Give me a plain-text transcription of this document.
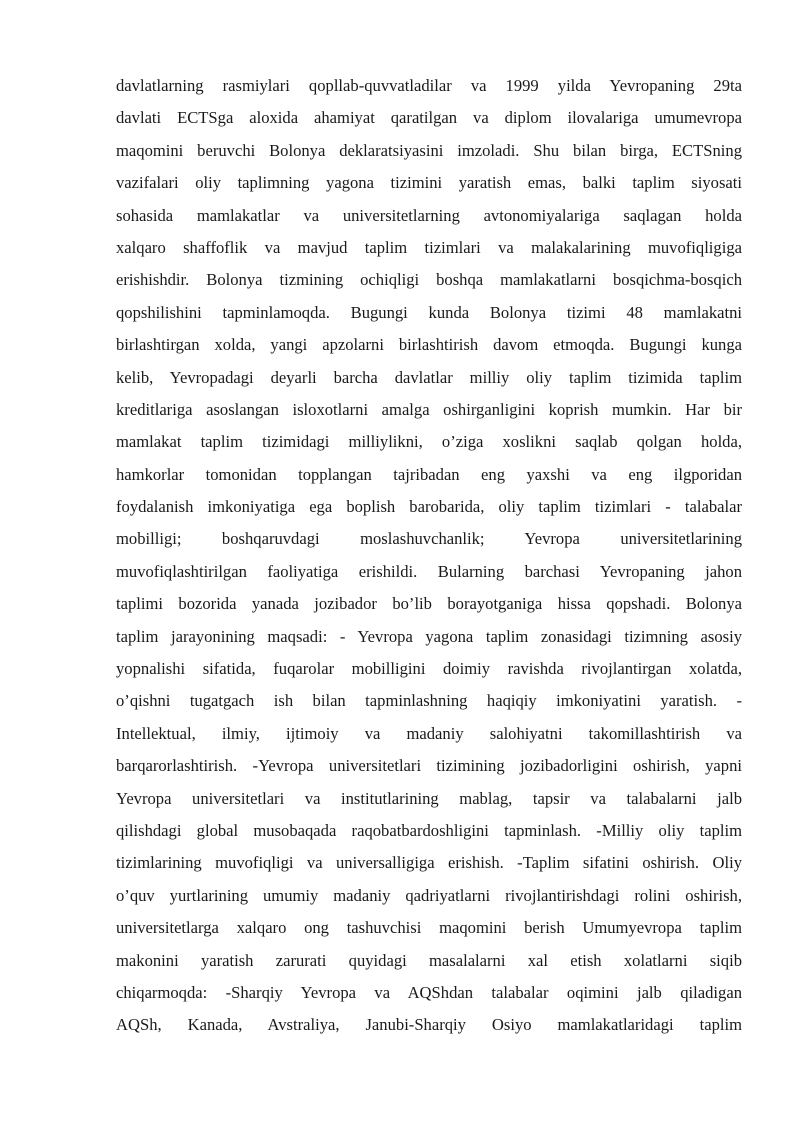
davlatlarning rasmiylari qopllab-quvvatladilar va 1999 yilda Yevropaning 29ta
davlati ECTSga aloxida ahamiyat qaratilgan va diplom ilovalariga umumevropa
maqomini beruvchi Bolonya deklaratsiyasini imzoladi. Shu bilan birga, ECTSning
vazifalari oliy taplimning yagona tizimini yaratish emas, balki taplim siyosati
sohasida mamlakatlar va universitetlarning avtonomiyalariga saqlagan holda
xalqaro shaffoflik va mavjud taplim tizimlari va malakalarining muvofiqligiga
erishishdir. Bolonya tizmining ochiqligi boshqa mamlakatlarni bosqichma-bosqich
qopshilishini tapminlamoqda. Bugungi kunda Bolonya tizimi 48 mamlakatni
birlashtirgan xolda, yangi apzolarni birlashtirish davom etmoqda. Bugungi kunga
kelib, Yevropadagi deyarli barcha davlatlar milliy oliy taplim tizimida taplim
kreditlariga asoslangan isloxotlarni amalga oshirganligini koprish mumkin. Har bir
mamlakat taplim tizimidagi milliylikni, o’ziga xoslikni saqlab qolgan holda,
hamkorlar tomonidan topplangan tajribadan eng yaxshi va eng ilgporidan
foydalanish imkoniyatiga ega boplish barobarida, oliy taplim tizimlari - talabalar
mobilligi; boshqaruvdagi moslashuvchanlik; Yevropa universitetlarining
muvofiqlashtirilgan faoliyatiga erishildi. Bularning barchasi Yevropaning jahon
taplimi bozorida yanada jozibador bo’lib borayotganiga hissa qopshadi. Bolonya
taplim jarayonining maqsadi: - Yevropa yagona taplim zonasidagi tizimning asosiy
yopnalishi sifatida, fuqarolar mobilligini doimiy ravishda rivojlantirgan xolatda,
o’qishni tugatgach ish bilan tapminlashning haqiqiy imkoniyatini yaratish. -
Intellektual, ilmiy, ijtimoiy va madaniy salohiyatni takomillashtirish va
barqarorlashtirish. -Yevropa universitetlari tizimining jozibadorligini oshirish, yapni
Yevropa universitetlari va institutlarining mablag, tapsir va talabalarni jalb
qilishdagi global musobaqada raqobatbardoshligini tapminlash. -Milliy oliy taplim
tizimlarining muvofiqligi va universalligiga erishish. -Taplim sifatini oshirish. Oliy
o’quv yurtlarining umumiy madaniy qadriyatlarni rivojlantirishdagi rolini oshirish,
universitetlarga xalqaro ong tashuvchisi maqomini berish Umumyevropa taplim
makonini yaratish zarurati quyidagi masalalarni xal etish xolatlarni siqib
chiqarmoqda: -Sharqiy Yevropa va AQShdan talabalar oqimini jalb qiladigan
AQSh, Kanada, Avstraliya, Janubi-Sharqiy Osiyo mamlakatlaridagi taplim
